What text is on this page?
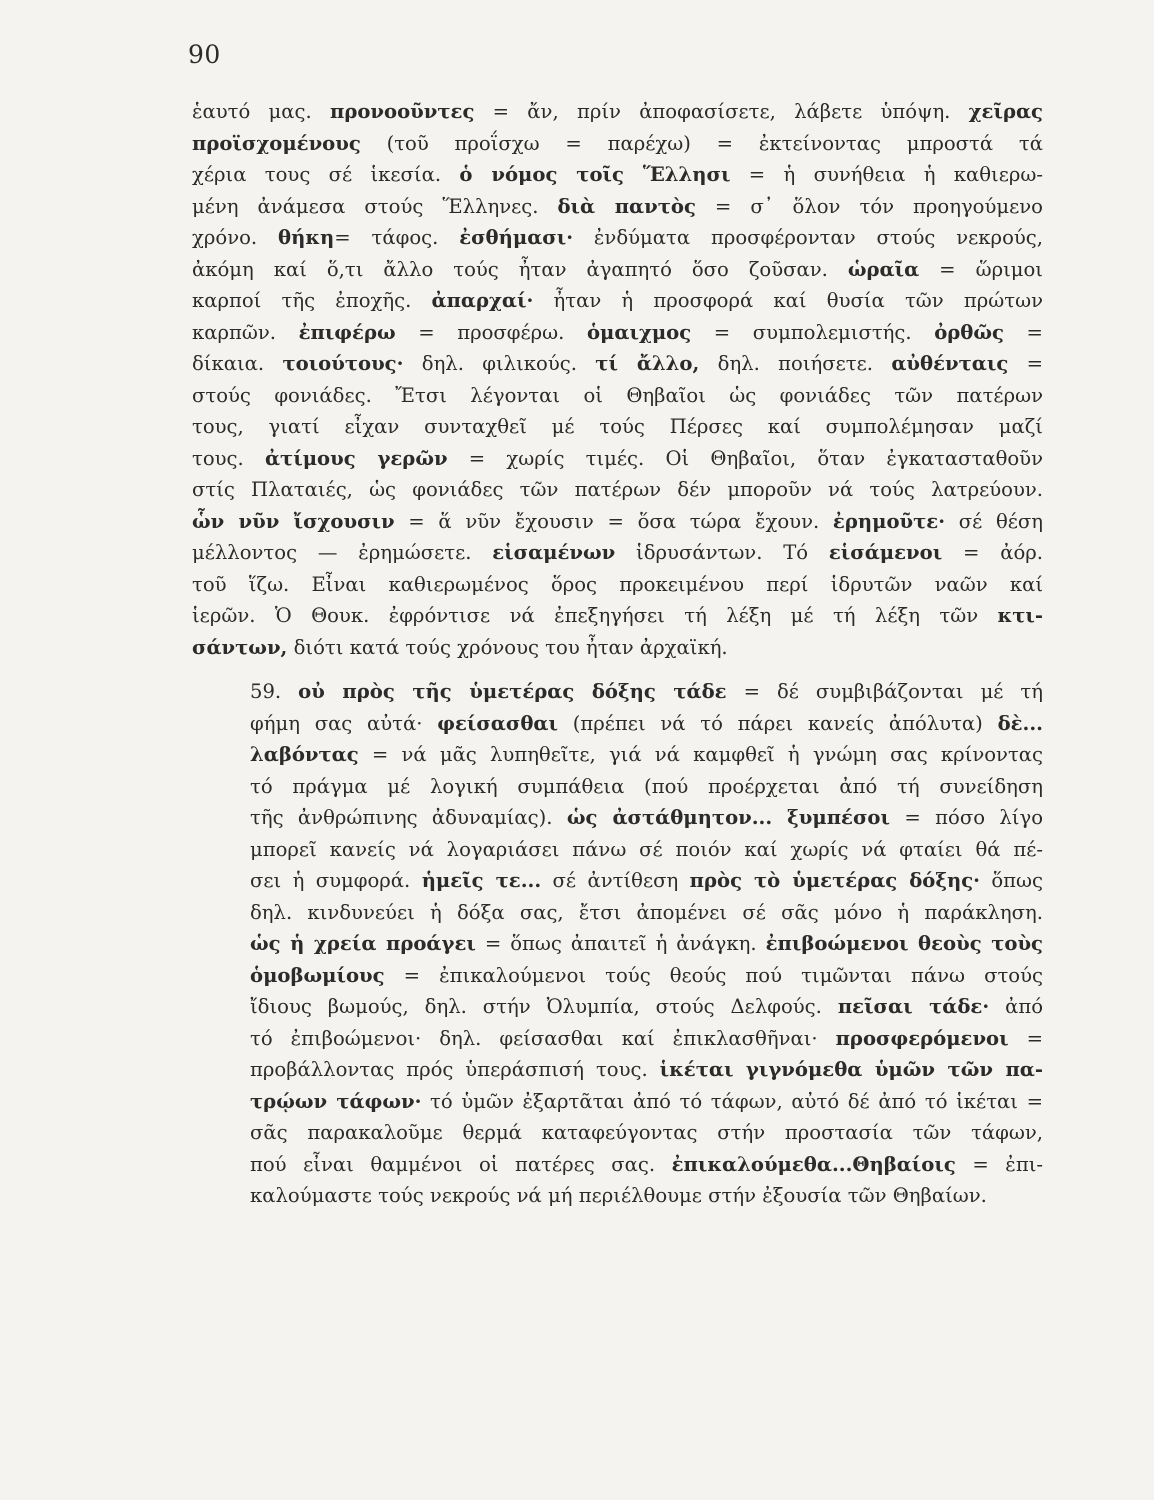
90

ἑαυτό μας. προνοοῦντες = ἄν, πρίν ἀποφασίσετε, λάβετε ὑπόψη. χεῖρας
προϊσχομένους (τοῦ προΐσχω = παρέχω) = ἐκτείνοντας μπροστά τά
χέρια τους σέ ἱκεσία. ὁ νόμος τοῖς Ἕλλησι = ἡ συνήθεια ἡ καθιερω-
μένη ἀνάμεσα στούς Ἕλληνες. διὰ παντὸς = σ᾽ ὅλον τόν προηγούμενο
χρόνο. θήκη= τάφος. ἐσθήμασι· ἐνδύματα προσφέρονταν στούς νεκρούς,
ἀκόμη καί ὅ,τι ἄλλο τούς ἦταν ἀγαπητό ὅσο ζοῦσαν. ὡραῖα = ὥριμοι
καρποί τῆς ἐποχῆς. ἀπαρχαί· ἦταν ἡ προσφορά καί θυσία τῶν πρώτων
καρπῶν. ἐπιφέρω = προσφέρω. ὁμαιχμος = συμπολεμιστής. ὀρθῶς =
δίκαια. τοιούτους· δηλ. φιλικούς. τί ἄλλο, δηλ. ποιήσετε. αὐθένταις =
στούς φονιάδες. Ἔτσι λέγονται οἱ Θηβαῖοι ὡς φονιάδες τῶν πατέρων
τους, γιατί εἶχαν συνταχθεῖ μέ τούς Πέρσες καί συμπολέμησαν μαζί
τους. ἀτίμους γερῶν = χωρίς τιμές. Οἱ Θηβαῖοι, ὅταν ἐγκατασταθοῦν
στίς Πλαταιές, ὡς φονιάδες τῶν πατέρων δέν μποροῦν νά τούς λατρεύουν.
ὧν νῦν ἴσχουσιν = ἅ νῦν ἔχουσιν = ὅσα τώρα ἔχουν. ἐρημοῦτε· σέ θέση
μέλλοντος — ἐρημώσετε. εἱσαμένων ἱδρυσάντων. Τό εἱσάμενοι = ἀόρ.
τοῦ ἵζω. Εἶναι καθιερωμένος ὅρος προκειμένου περί ἱδρυτῶν ναῶν καί
ἱερῶν. Ὁ Θουκ. ἐφρόντισε νά ἐπεξηγήσει τή λέξη μέ τή λέξη τῶν κτι-
σάντων, διότι κατά τούς χρόνους του ἦταν ἀρχαϊκή.

59. οὐ πρὸς τῆς ὑμετέρας δόξης τάδε = δέ συμβιβάζονται μέ τή
φήμη σας αὐτά· φείσασθαι (πρέπει νά τό πάρει κανείς ἀπόλυτα) δὲ...
λαβόντας = νά μᾶς λυπηθεῖτε, γιά νά καμφθεῖ ἡ γνώμη σας κρίνοντας
τό πράγμα μέ λογική συμπάθεια (πού προέρχεται ἀπό τή συνείδηση
τῆς ἀνθρώπινης ἀδυναμίας). ὡς ἀστάθμητον... ξυμπέσοι = πόσο λίγο
μπορεῖ κανείς νά λογαριάσει πάνω σέ ποιόν καί χωρίς νά φταίει θά πέ-
σει ἡ συμφορά. ἡμεῖς τε... σέ ἀντίθεση πρὸς τὸ ὑμετέρας δόξης· ὅπως
δηλ. κινδυνεύει ἡ δόξα σας, ἔτσι ἀπομένει σέ σᾶς μόνο ἡ παράκληση.
ὡς ἡ χρεία προάγει = ὅπως ἀπαιτεῖ ἡ ἀνάγκη. ἐπιβοώμενοι θεοὺς τοὺς
ὁμοβωμίους = ἐπικαλούμενοι τούς θεούς πού τιμῶνται πάνω στούς
ἴδιους βωμούς, δηλ. στήν Ὀλυμπία, στούς Δελφούς. πεῖσαι τάδε· ἀπό
τό ἐπιβοώμενοι· δηλ. φείσασθαι καί ἐπικλασθῆναι· προσφερόμενοι =
προβάλλοντας πρός ὑπεράσπισή τους. ἱκέται γιγνόμεθα ὑμῶν τῶν πα-
τρῴων τάφων· τό ὑμῶν ἐξαρτᾶται ἀπό τό τάφων, αὐτό δέ ἀπό τό ἱκέται =
σᾶς παρακαλοῦμε θερμά καταφεύγοντας στήν προστασία τῶν τάφων,
πού εἶναι θαμμένοι οἱ πατέρες σας. ἐπικαλούμεθα...Θηβαίοις = ἐπι-
καλούμαστε τούς νεκρούς νά μή περιέλθουμε στήν ἐξουσία τῶν Θηβαίων.
